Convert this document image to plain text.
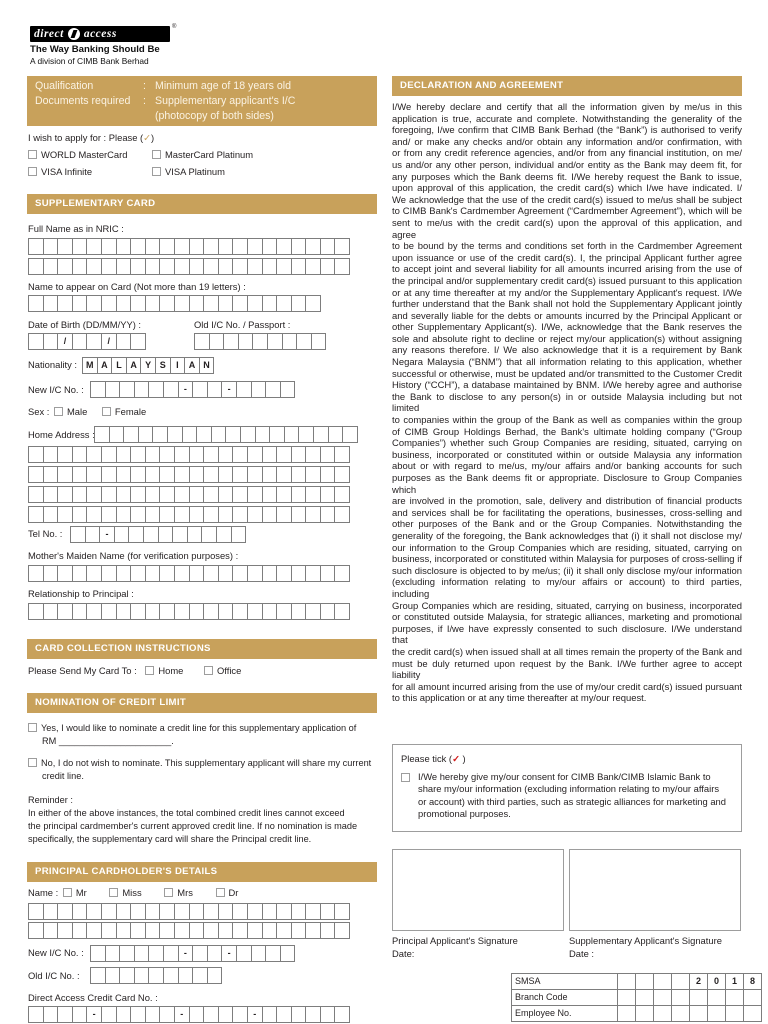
direct access
®
The Way Banking Should Be
A division of CIMB Bank Berhad
Qualification	: Minimum age of 18 years old
Documents required	: Supplementary applicant's I/C
(photocopy of both sides)
I wish to apply for : Please (✓)
WORLD MasterCard	MasterCard Platinum
VISA Infinite	VISA Platinum
SUPPLEMENTARY CARD
Full Name as in NRIC :
Name to appear on Card (Not more than 19 letters) :
Date of Birth (DD/MM/YY) :	Old I/C No. / Passport :
/	/
Nationality :	M A L A Y S	I	A N
New I/C No. :	-	-
Sex : Male	Female
Home Address :
Tel No. :	-
Mother's Maiden Name (for verification purposes) :
Relationship to Principal :
CARD COLLECTION INSTRUCTIONS
Please Send My Card To : Home	Office
NOMINATION OF CREDIT LIMIT
Yes, I would like to nominate a credit line for this supplementary application of
RM ______________________.
No, I do not wish to nominate. This supplementary applicant will share my current
credit line.
Reminder :
In either of the above instances, the total combined credit lines cannot exceed
the principal cardmember's current approved credit line. If no nomination is made
specifically, the supplementary card will share the Principal credit line.
PRINCIPAL CARDHOLDER'S DETAILS
Name : Mr	Miss	Mrs	Dr
New I/C No. :	-	-
Old I/C No. :
Direct Access Credit Card No. :
-	-	-
DECLARATION AND AGREEMENT
I/We hereby declare and certify that all the information given by me/us in this
application is true, accurate and complete. Notwithstanding the generality of the
foregoing, I/we confirm that CIMB Bank Berhad (the “Bank”) is authorised to verify
and/ or make any checks and/or obtain any information and/or confirmation, with
or from any credit reference agencies, and/or from any financial institution, on me/
us and/or any other person, individual and/or entity as the Bank may deem fit, for
any purposes which the Bank deems fit. I/We hereby request the Bank to issue,
upon approval of this application, the credit card(s) which I/we have indicated. I/
We acknowledge that the use of the credit card(s) issued to me/us shall be subject
to CIMB Bank's Cardmember Agreement (“Cardmember Agreement”), which will be
sent to me/us with the credit card(s) upon the approval of this application, and agree
to be bound by the terms and conditions set forth in the Cardmember Agreement
upon issuance or use of the credit card(s). I, the principal Applicant further agree
to accept joint and several liability for all amounts incurred arising from the use of
the principal and/or supplementary credit card(s) issued pursuant to this application
or at any time thereafter at my and/or the Supplementary Applicant's request. I/We
further understand that the Bank shall not hold the Supplementary Applicant jointly
and severally liable for the debts or amounts incurred by the Principal Applicant or
other Supplementary Applicant(s). I/We, acknowledge that the Bank reserves the
sole and absolute right to decline or reject my/our application(s) without assigning
any reasons therefore. I/ We also acknowledge that it is a requirement by Bank
Negara Malaysia (“BNM”) that all information relating to this application, whether
successful or otherwise, must be updated and/or transmitted to the Customer Credit
History (“CCH”), a database maintained by BNM. I/We hereby agree and authorise
the Bank to disclose to any person(s) in or outside Malaysia including but not limited
to companies within the group of the Bank as well as companies within the group
of CIMB Group Holdings Berhad, the Bank's ultimate holding company (“Group
Companies”) whether such Group Companies are residing, situated, carrying on
business, incorporated or constituted within or outside Malaysia any information
about or with regard to me/us, my/our affairs and/or banking accounts for such
purposes as the Bank deems fit or appropriate. Disclosure to Group Companies which
are involved in the promotion, sale, delivery and distribution of financial products
and services shall be for facilitating the operations, businesses, cross-selling and
other purposes of the Bank and or the Group Companies. Notwithstanding the
generality of the foregoing, the Bank acknowledges that (i) it shall not disclose my/
our information to the Group Companies which are residing, situated, carrying on
business, incorporated or constituted within Malaysia for purposes of cross-selling if
such disclosure is objected to by me/us; (ii) it shall only disclose my/our information
(excluding information relating to my/our affairs or account) to third parties, including
Group Companies which are residing, situated, carrying on business, incorporated
or constituted outside Malaysia, for strategic alliances, marketing and promotional
purposes, if I/we have expressly consented to such disclosure. I/We understand that
the credit card(s) when issued shall at all times remain the property of the Bank and
must be duly returned upon request by the Bank. I/We further agree to accept liability
for all amount incurred arising from the use of my/our credit card(s) issued pursuant
to this application or at any time thereafter at my/our request.
Please tick (✓ )
I/We hereby give my/our consent for CIMB Bank/CIMB Islamic Bank to
share my/our information (excluding information relating to my/our affairs
or account) with third parties, such as strategic alliances for marketing and
promotional purposes.
Principal Applicant's Signature
Date:
Supplementary Applicant's Signature
Date :
SMSA					2	0	1	8
Branch Code								
Employee No.								
